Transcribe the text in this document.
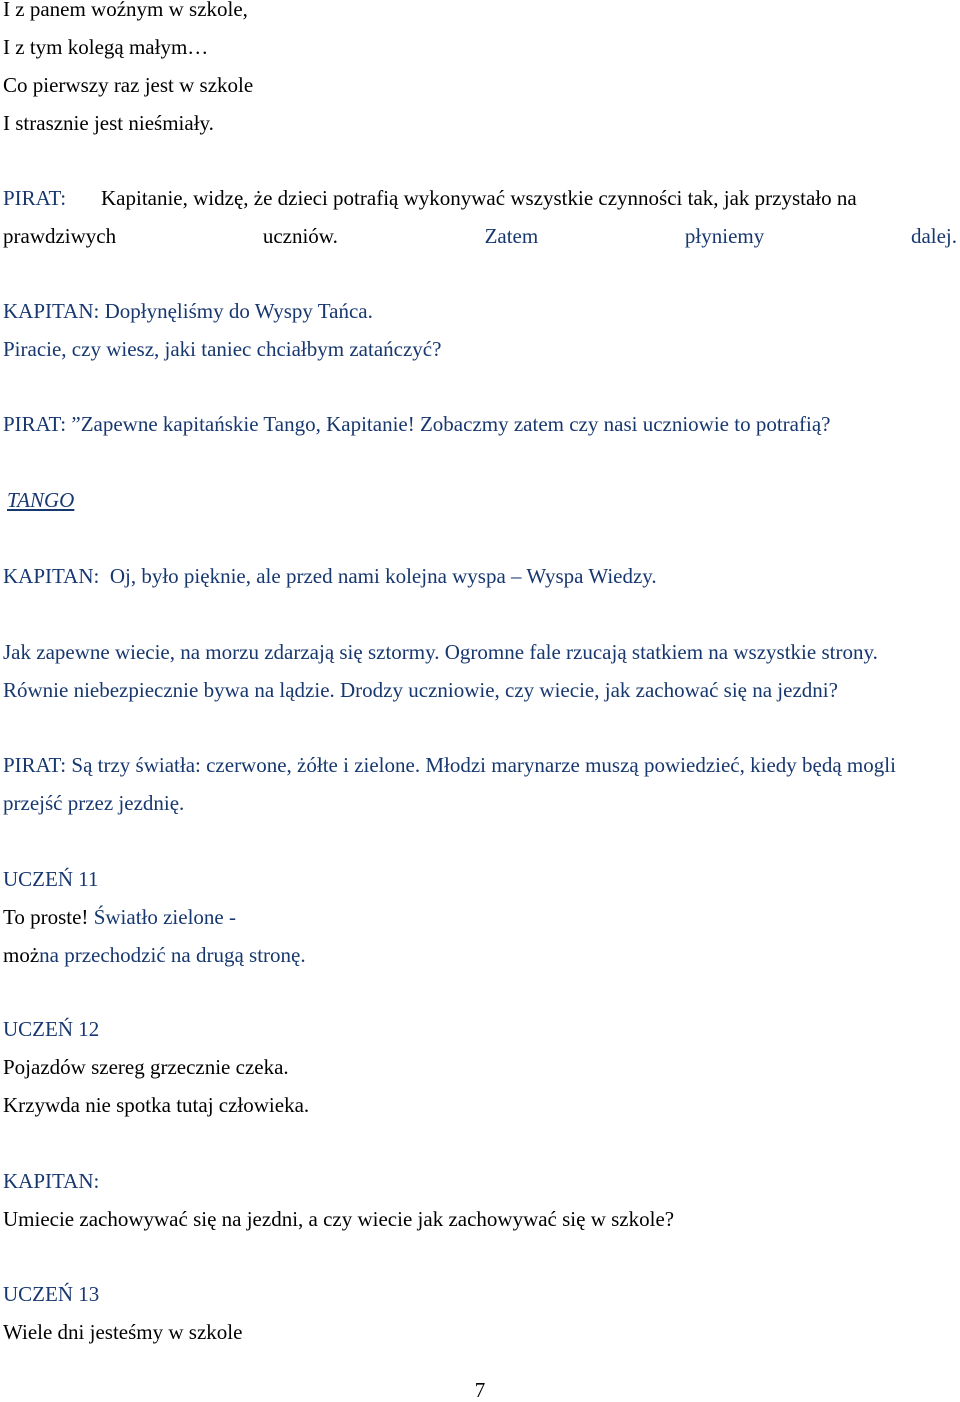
I z panem woźnym w szkole,
I z tym kolegą małym…
Co pierwszy raz jest w szkole
I strasznie jest nieśmiały.
PIRAT: Kapitanie, widzę, że dzieci potrafią wykonywać wszystkie czynności tak, jak przystało na
prawdziwych	uczniów.	Zatem	płyniemy	dalej.
KAPITAN: Dopłynęliśmy do Wyspy Tańca.
Piracie, czy wiesz, jaki taniec chciałbym zatańczyć?
PIRAT: ”Zapewne kapitańskie Tango, Kapitanie! Zobaczmy zatem czy nasi uczniowie to potrafią?
TANGO
KAPITAN: Oj, było pięknie, ale przed nami kolejna wyspa – Wyspa Wiedzy.
Jak zapewne wiecie, na morzu zdarzają się sztormy. Ogromne fale rzucają statkiem na wszystkie strony.
Równie niebezpiecznie bywa na lądzie. Drodzy uczniowie, czy wiecie, jak zachować się na jezdni?
PIRAT: Są trzy światła: czerwone, żółte i zielone. Młodzi marynarze muszą powiedzieć, kiedy będą mogli
przejść przez jezdnię.
UCZEŃ 11
To proste! Światło zielone -
można przechodzić na drugą stronę.
UCZEŃ 12
Pojazdów szereg grzecznie czeka.
Krzywda nie spotka tutaj człowieka.
KAPITAN:
Umiecie zachowywać się na jezdni, a czy wiecie jak zachowywać się w szkole?
UCZEŃ 13
Wiele dni jesteśmy w szkole
7
